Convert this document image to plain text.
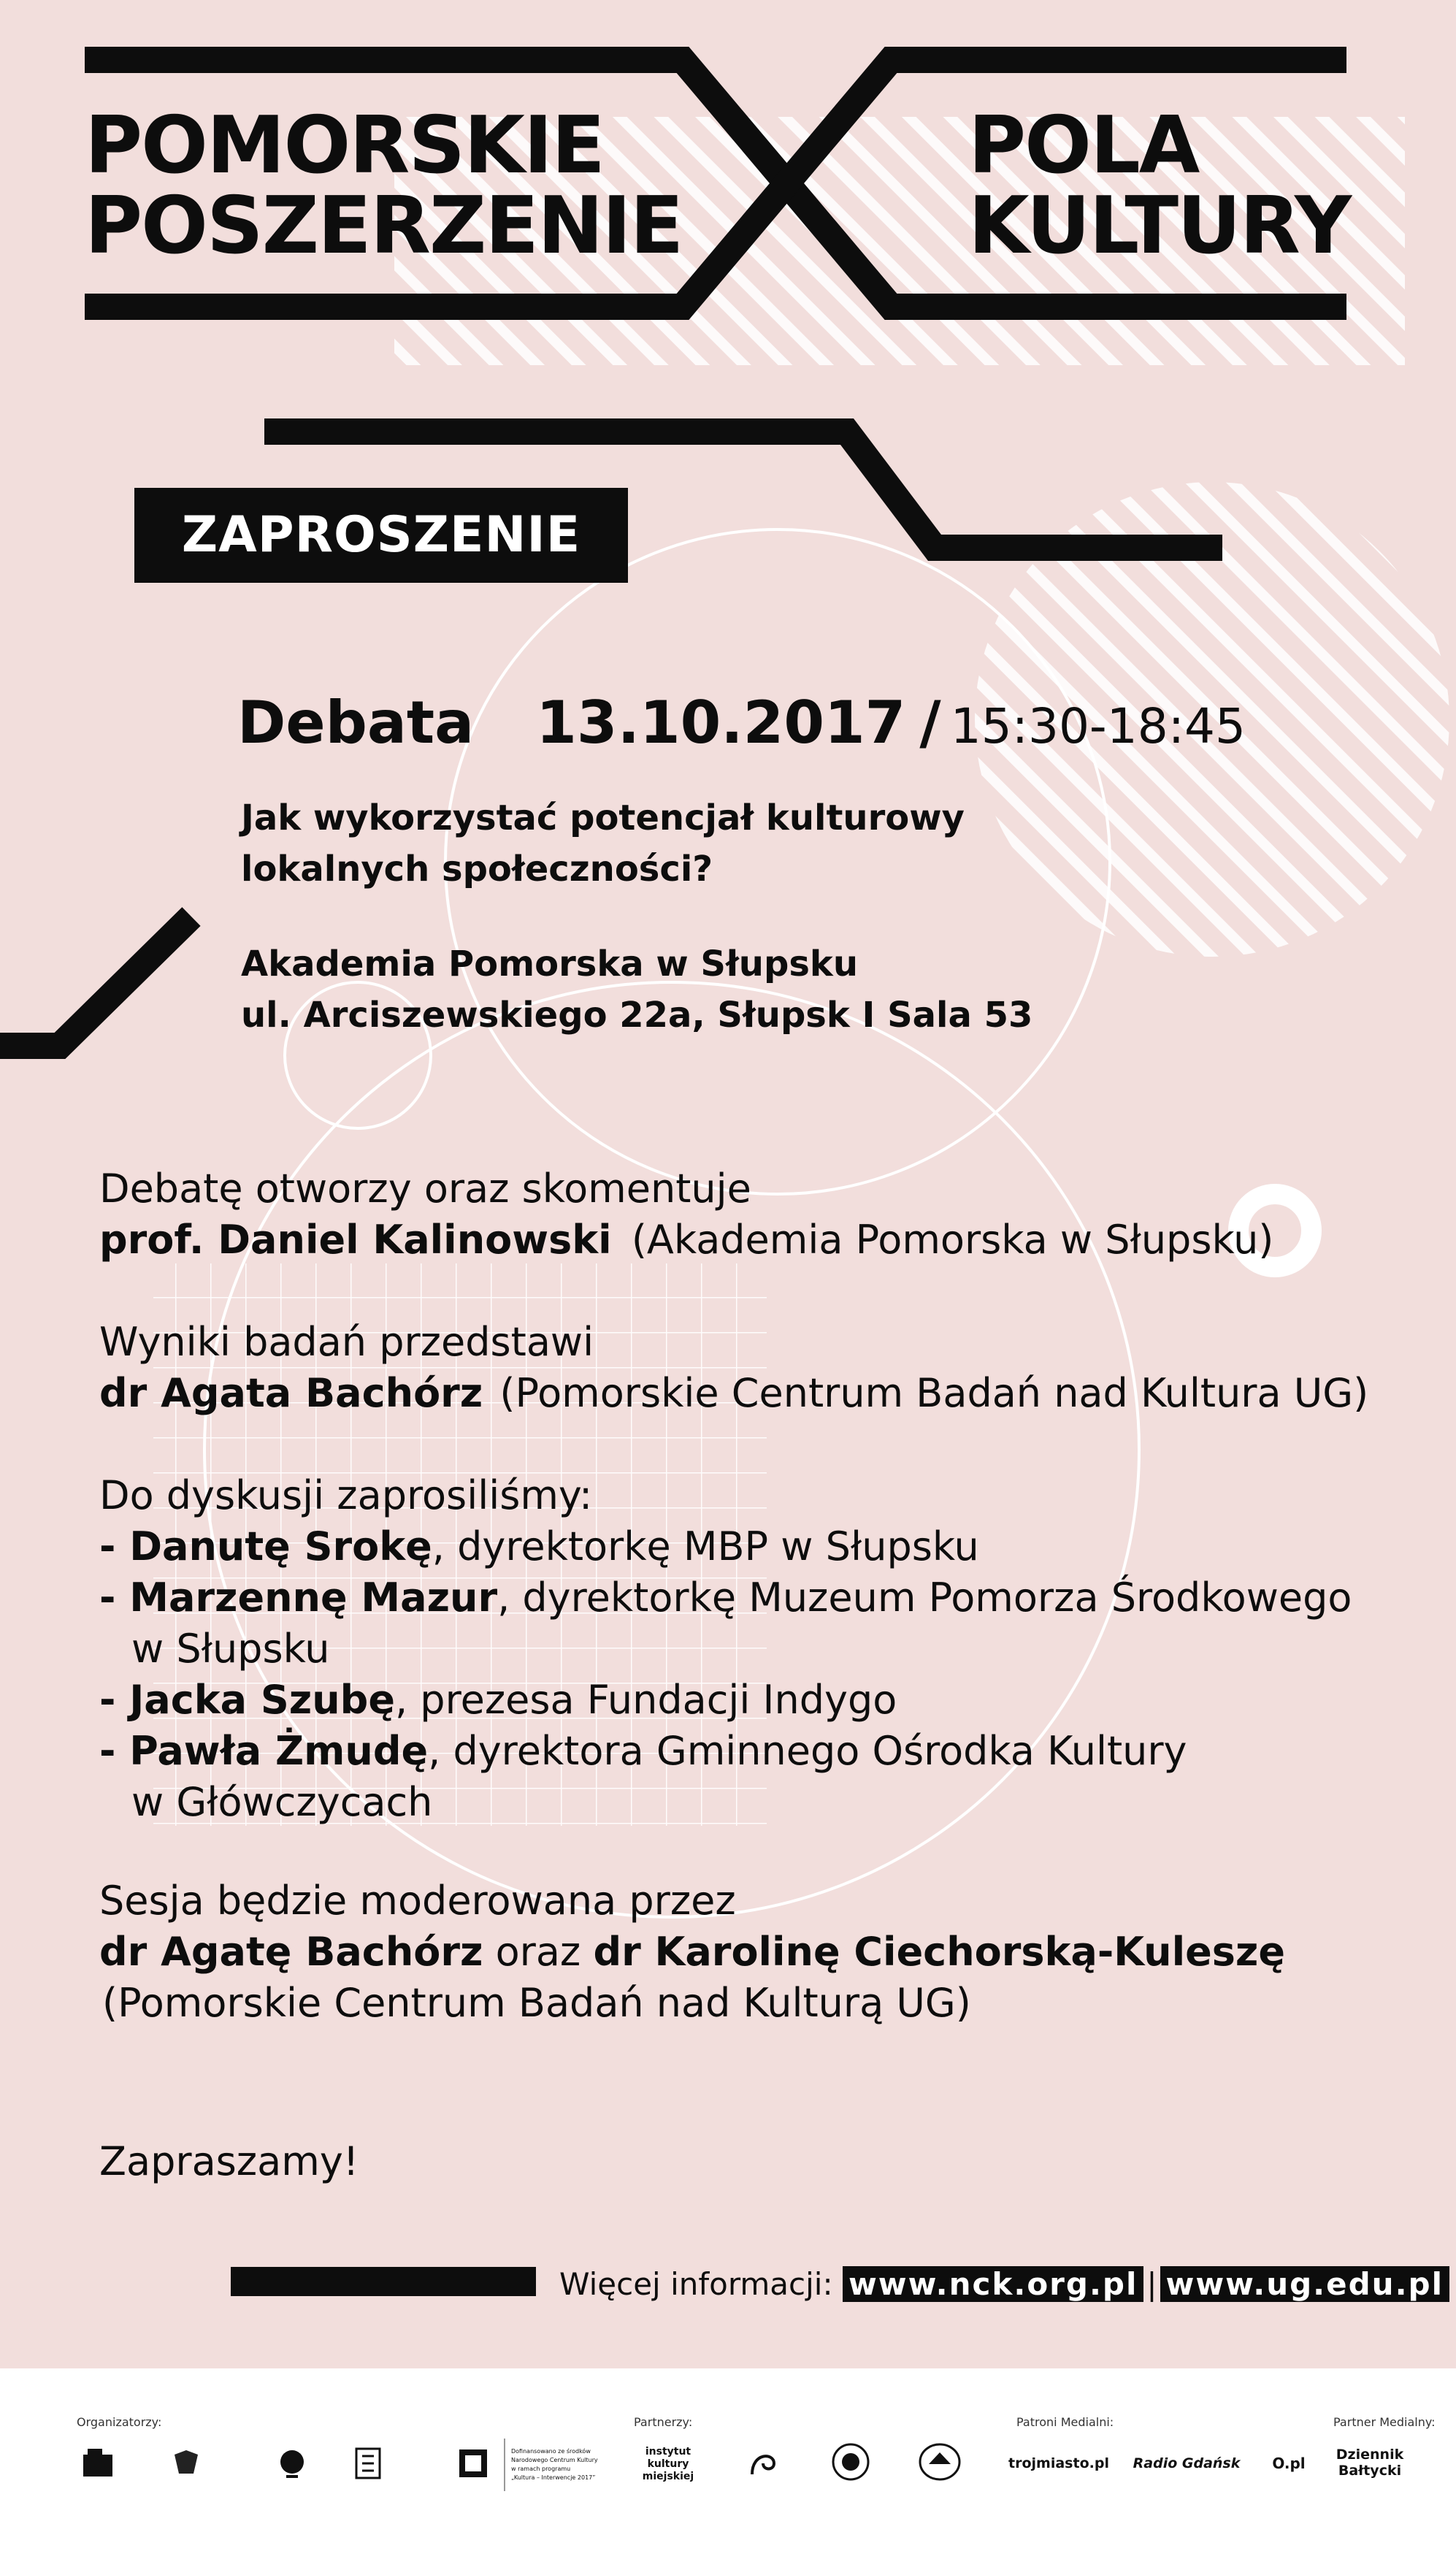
POMORSKIE
POSZERZENIE
POLA
KULTURY
ZAPROSZENIE
Debata 13.10.2017 / 15:30-18:45
Jak wykorzystać potencjał kulturowy
lokalnych społeczności?
Akademia Pomorska w Słupsku
ul. Arciszewskiego 22a, Słupsk I Sala 53
Debatę otworzy oraz skomentuje
prof. Daniel Kalinowski (Akademia Pomorska w Słupsku)
Wyniki badań przedstawi
dr Agata Bachórz (Pomorskie Centrum Badań nad Kultura UG)
Do dyskusji zaprosiliśmy:
- Danutę Srokę, dyrektorkę MBP w Słupsku
- Marzennę Mazur, dyrektorkę Muzeum Pomorza Środkowego
w Słupsku
- Jacka Szubę, prezesa Fundacji Indygo
- Pawła Żmudę, dyrektora Gminnego Ośrodka Kultury
w Główczycach
Sesja będzie moderowana przez
dr Agatę Bachórz oraz dr Karolinę Ciechorską-Kuleszę
(Pomorskie Centrum Badań nad Kulturą UG)
Zapraszamy!
Więcej informacji: www.nck.org.pl | www.ug.edu.pl
Organizatorzy:	Partnerzy:	Patroni Medialni:	Partner Medialny:
Dofinansowano ze środków
Narodowego Centrum Kultury
w ramach programu
„Kultura – Interwencje 2017”
instytut
kultury
miejskiej
trojmiasto.pl Radio Gdańsk	O.pl	Dziennik
Bałtycki
